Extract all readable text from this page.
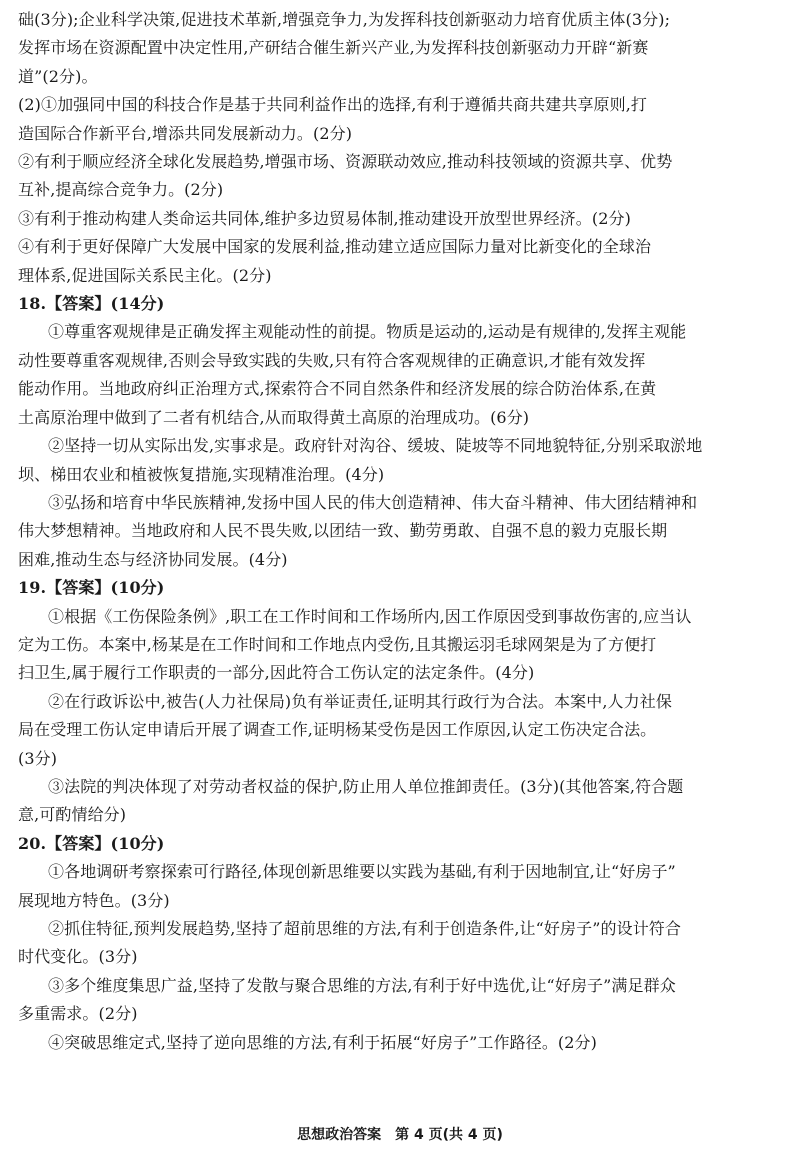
础(3分);企业科学决策,促进技术革新,增强竞争力,为发挥科技创新驱动力培育优质主体(3分);
发挥市场在资源配置中决定性用,产研结合催生新兴产业,为发挥科技创新驱动力开辟“新赛
道”(2分)。
(2)①加强同中国的科技合作是基于共同利益作出的选择,有利于遵循共商共建共享原则,打
造国际合作新平台,增添共同发展新动力。(2分)
②有利于顺应经济全球化发展趋势,增强市场、资源联动效应,推动科技领域的资源共享、优势
互补,提高综合竞争力。(2分)
③有利于推动构建人类命运共同体,维护多边贸易体制,推动建设开放型世界经济。(2分)
④有利于更好保障广大发展中国家的发展利益,推动建立适应国际力量对比新变化的全球治
理体系,促进国际关系民主化。(2分)
18.【答案】(14分)
①尊重客观规律是正确发挥主观能动性的前提。物质是运动的,运动是有规律的,发挥主观能
动性要尊重客观规律,否则会导致实践的失败,只有符合客观规律的正确意识,才能有效发挥
能动作用。当地政府纠正治理方式,探索符合不同自然条件和经济发展的综合防治体系,在黄
土高原治理中做到了二者有机结合,从而取得黄土高原的治理成功。(6分)
②坚持一切从实际出发,实事求是。政府针对沟谷、缓坡、陡坡等不同地貌特征,分别采取淤地
坝、梯田农业和植被恢复措施,实现精准治理。(4分)
③弘扬和培育中华民族精神,发扬中国人民的伟大创造精神、伟大奋斗精神、伟大团结精神和
伟大梦想精神。当地政府和人民不畏失败,以团结一致、勤劳勇敢、自强不息的毅力克服长期
困难,推动生态与经济协同发展。(4分)
19.【答案】(10分)
①根据《工伤保险条例》,职工在工作时间和工作场所内,因工作原因受到事故伤害的,应当认
定为工伤。本案中,杨某是在工作时间和工作地点内受伤,且其搬运羽毛球网架是为了方便打
扫卫生,属于履行工作职责的一部分,因此符合工伤认定的法定条件。(4分)
②在行政诉讼中,被告(人力社保局)负有举证责任,证明其行政行为合法。本案中,人力社保
局在受理工伤认定申请后开展了调查工作,证明杨某受伤是因工作原因,认定工伤决定合法。
(3分)
③法院的判决体现了对劳动者权益的保护,防止用人单位推卸责任。(3分)(其他答案,符合题
意,可酌情给分)
20.【答案】(10分)
①各地调研考察探索可行路径,体现创新思维要以实践为基础,有利于因地制宜,让“好房子”
展现地方特色。(3分)
②抓住特征,预判发展趋势,坚持了超前思维的方法,有利于创造条件,让“好房子”的设计符合
时代变化。(3分)
③多个维度集思广益,坚持了发散与聚合思维的方法,有利于好中选优,让“好房子”满足群众
多重需求。(2分)
④突破思维定式,坚持了逆向思维的方法,有利于拓展“好房子”工作路径。(2分)
思想政治答案　第 4 页(共 4 页)
